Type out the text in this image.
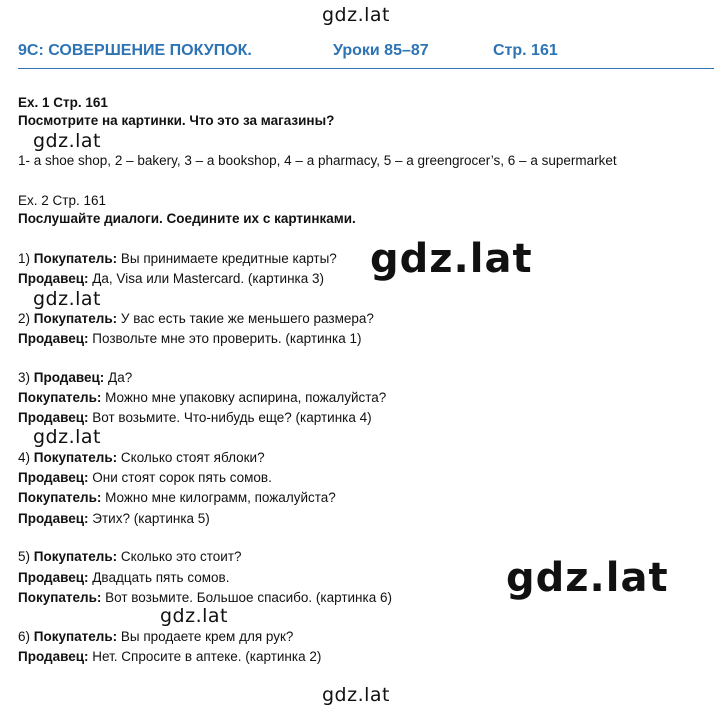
gdz.lat
gdz.lat
gdz.lat
gdz.lat
gdz.lat
gdz.lat
gdz.lat
gdz.lat
9C: СОВЕРШЕНИЕ ПОКУПОК.	Уроки 85–87	Стр. 161
Ex. 1 Стр. 161
Посмотрите на картинки. Что это за магазины?
1- a shoe shop, 2 – bakery, 3 – a bookshop, 4 – a pharmacy, 5 – a greengrocer’s, 6 – a supermarket
Ex. 2 Стр. 161
Послушайте диалоги. Соедините их с картинками.
1) Покупатель: Вы принимаете кредитные карты?
Продавец: Да, Visa или Mastercard. (картинка 3)
2) Покупатель: У вас есть такие же меньшего размера?
Продавец: Позвольте мне это проверить. (картинка 1)
3) Продавец: Да?
Покупатель: Можно мне упаковку аспирина, пожалуйста?
Продавец: Вот возьмите. Что-нибудь еще? (картинка 4)
4) Покупатель: Сколько стоят яблоки?
Продавец: Они стоят сорок пять сомов.
Покупатель: Можно мне килограмм, пожалуйста?
Продавец: Этих? (картинка 5)
5) Покупатель: Сколько это стоит?
Продавец: Двадцать пять сомов.
Покупатель: Вот возьмите. Большое спасибо. (картинка 6)
6) Покупатель: Вы продаете крем для рук?
Продавец: Нет. Спросите в аптеке. (картинка 2)
